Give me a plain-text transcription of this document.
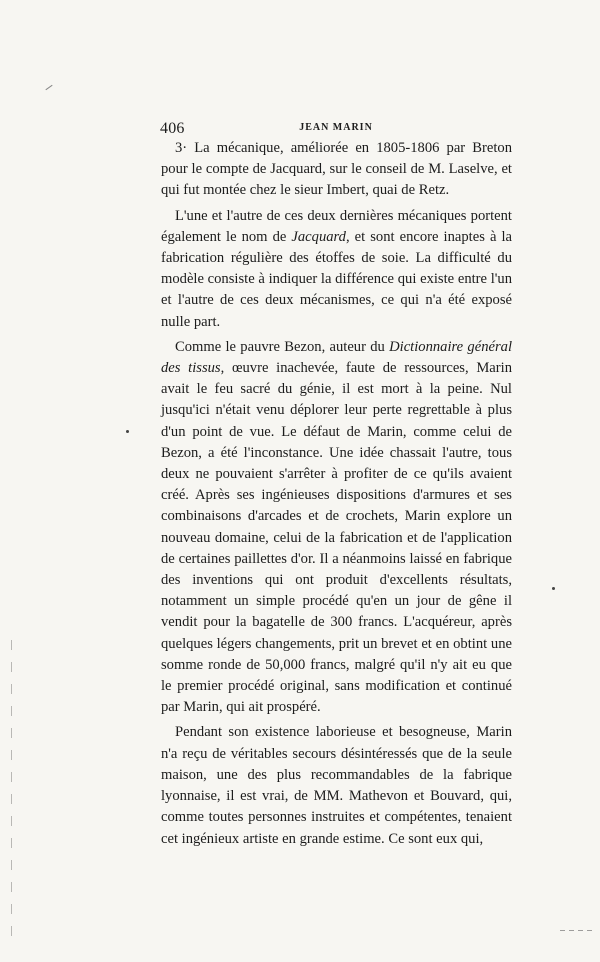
406	JEAN MARIN

3· La mécanique, améliorée en 1805-1806 par Breton pour le compte de Jacquard, sur le conseil de M. Laselve, et qui fut montée chez le sieur Imbert, quai de Retz.

L'une et l'autre de ces deux dernières mécaniques portent également le nom de Jacquard, et sont encore inaptes à la fabrication régulière des étoffes de soie. La difficulté du modèle consiste à indiquer la différence qui existe entre l'un et l'autre de ces deux mécanismes, ce qui n'a été exposé nulle part.

Comme le pauvre Bezon, auteur du Dictionnaire général des tissus, œuvre inachevée, faute de ressources, Marin avait le feu sacré du génie, il est mort à la peine. Nul jusqu'ici n'était venu déplorer leur perte regrettable à plus d'un point de vue. Le défaut de Marin, comme celui de Bezon, a été l'inconstance. Une idée chassait l'autre, tous deux ne pouvaient s'arrêter à profiter de ce qu'ils avaient créé. Après ses ingénieuses dispositions d'armures et ses combinaisons d'arcades et de crochets, Marin explore un nouveau domaine, celui de la fabrication et de l'application de certaines paillettes d'or. Il a néanmoins laissé en fabrique des inventions qui ont produit d'excellents résultats, notamment un simple procédé qu'en un jour de gêne il vendit pour la bagatelle de 300 francs. L'acquéreur, après quelques légers changements, prit un brevet et en obtint une somme ronde de 50,000 francs, malgré qu'il n'y ait eu que le premier procédé original, sans modification et continué par Marin, qui ait prospéré.

Pendant son existence laborieuse et besogneuse, Marin n'a reçu de véritables secours désintéressés que de la seule maison, une des plus recommandables de la fabrique lyonnaise, il est vrai, de MM. Mathevon et Bouvard, qui, comme toutes personnes instruites et compétentes, tenaient cet ingénieux artiste en grande estime. Ce sont eux qui,
